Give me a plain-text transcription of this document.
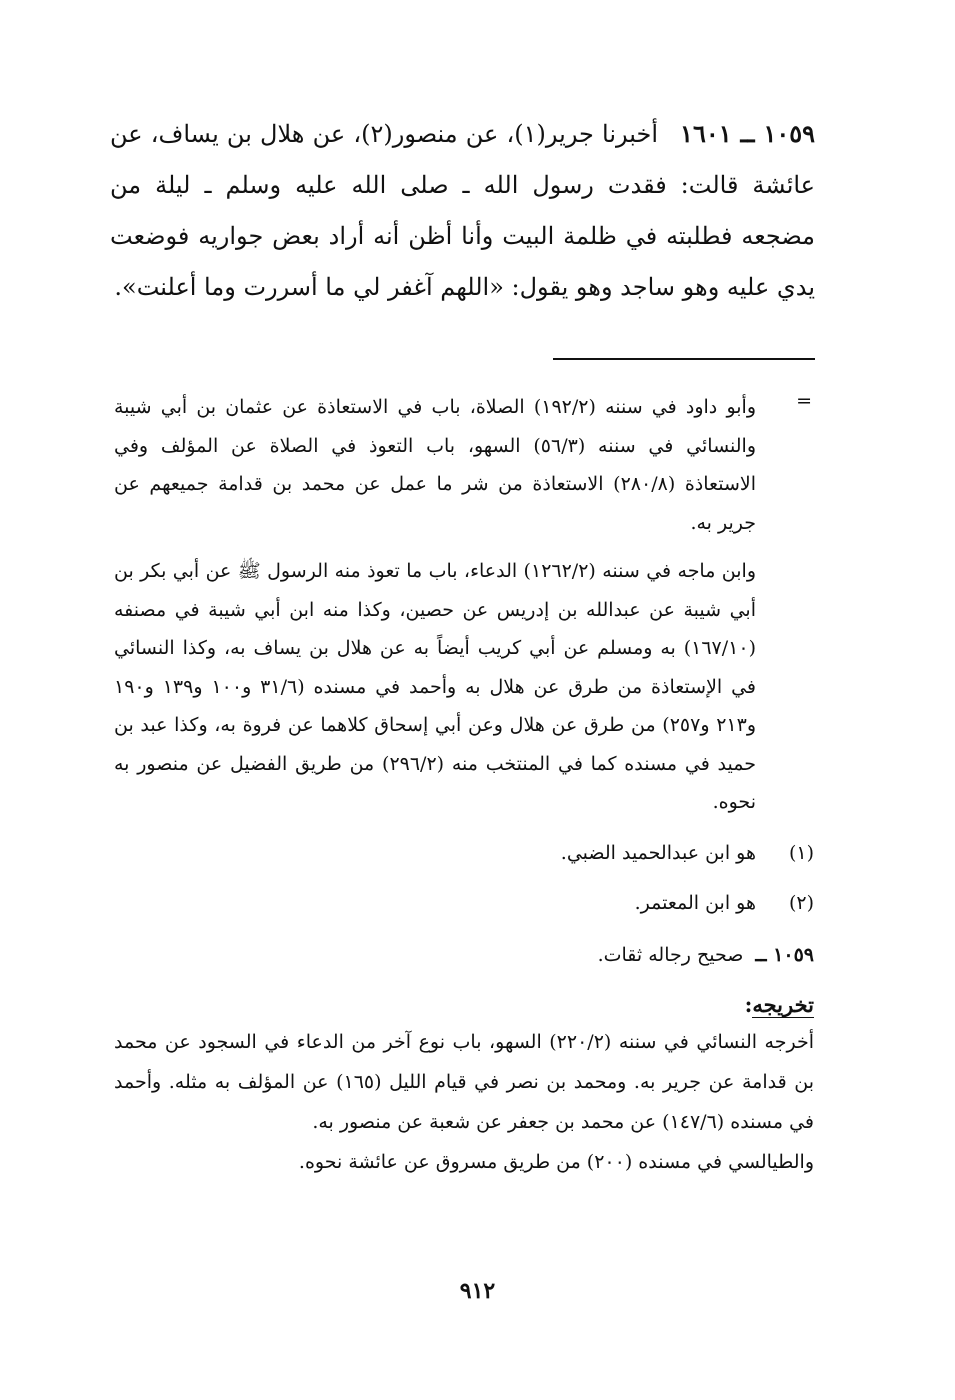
١٠٥٩ ــ ١٦٠١أخبرنا جرير(١)، عن منصور(٢)، عن هلال بن يساف، عن عائشة قالت: فقدت رسول الله ـ صلى الله عليه وسلم ـ ليلة من مضجعه فطلبته في ظلمة البيت وأنا أظن أنه أراد بعض جواريه فوضعت يدي عليه وهو ساجد وهو يقول: «اللهم آغفر لي ما أسررت وما أعلنت».
=

وأبو داود في سننه (١٩٢/٢) الصلاة، باب في الاستعاذة عن عثمان بن أبي شيبة والنسائي في سننه (٥٦/٣) السهو، باب التعوذ في الصلاة عن المؤلف وفي الاستعاذة (٢٨٠/٨) الاستعاذة من شر ما عمل عن محمد بن قدامة جميعهم عن جرير به.

وابن ماجه في سننه (١٢٦٢/٢) الدعاء، باب ما تعوذ منه الرسول ﷺ عن أبي بكر بن أبي شيبة عن عبدالله بن إدريس عن حصين، وكذا منه ابن أبي شيبة في مصنفه (١٦٧/١٠) به ومسلم عن أبي كريب أيضاً به عن هلال بن يساف به، وكذا النسائي في الإستعاذة من طرق عن هلال به وأحمد في مسنده (٣١/٦ و١٠٠ و١٣٩ و١٩٠ و٢١٣ و٢٥٧) من طرق عن هلال وعن أبي إسحاق كلاهما عن فروة به، وكذا عبد بن حميد في مسنده كما في المنتخب منه (٢٩٦/٢) من طريق الفضيل عن منصور به نحوه.

(١)
هو ابن عبدالحميد الضبي.
(٢)
هو ابن المعتمر.
١٠٥٩ ــ صحيح رجاله ثقات.
تخريجه:

أخرجه النسائي في سننه (٢٢٠/٢) السهو، باب نوع آخر من الدعاء في السجود عن محمد بن قدامة عن جرير به. ومحمد بن نصر في قيام الليل (١٦٥) عن المؤلف به مثله. وأحمد في مسنده (١٤٧/٦) عن محمد بن جعفر عن شعبة عن منصور به.

والطيالسي في مسنده (٢٠٠) من طريق مسروق عن عائشة نحوه.

٩١٢
